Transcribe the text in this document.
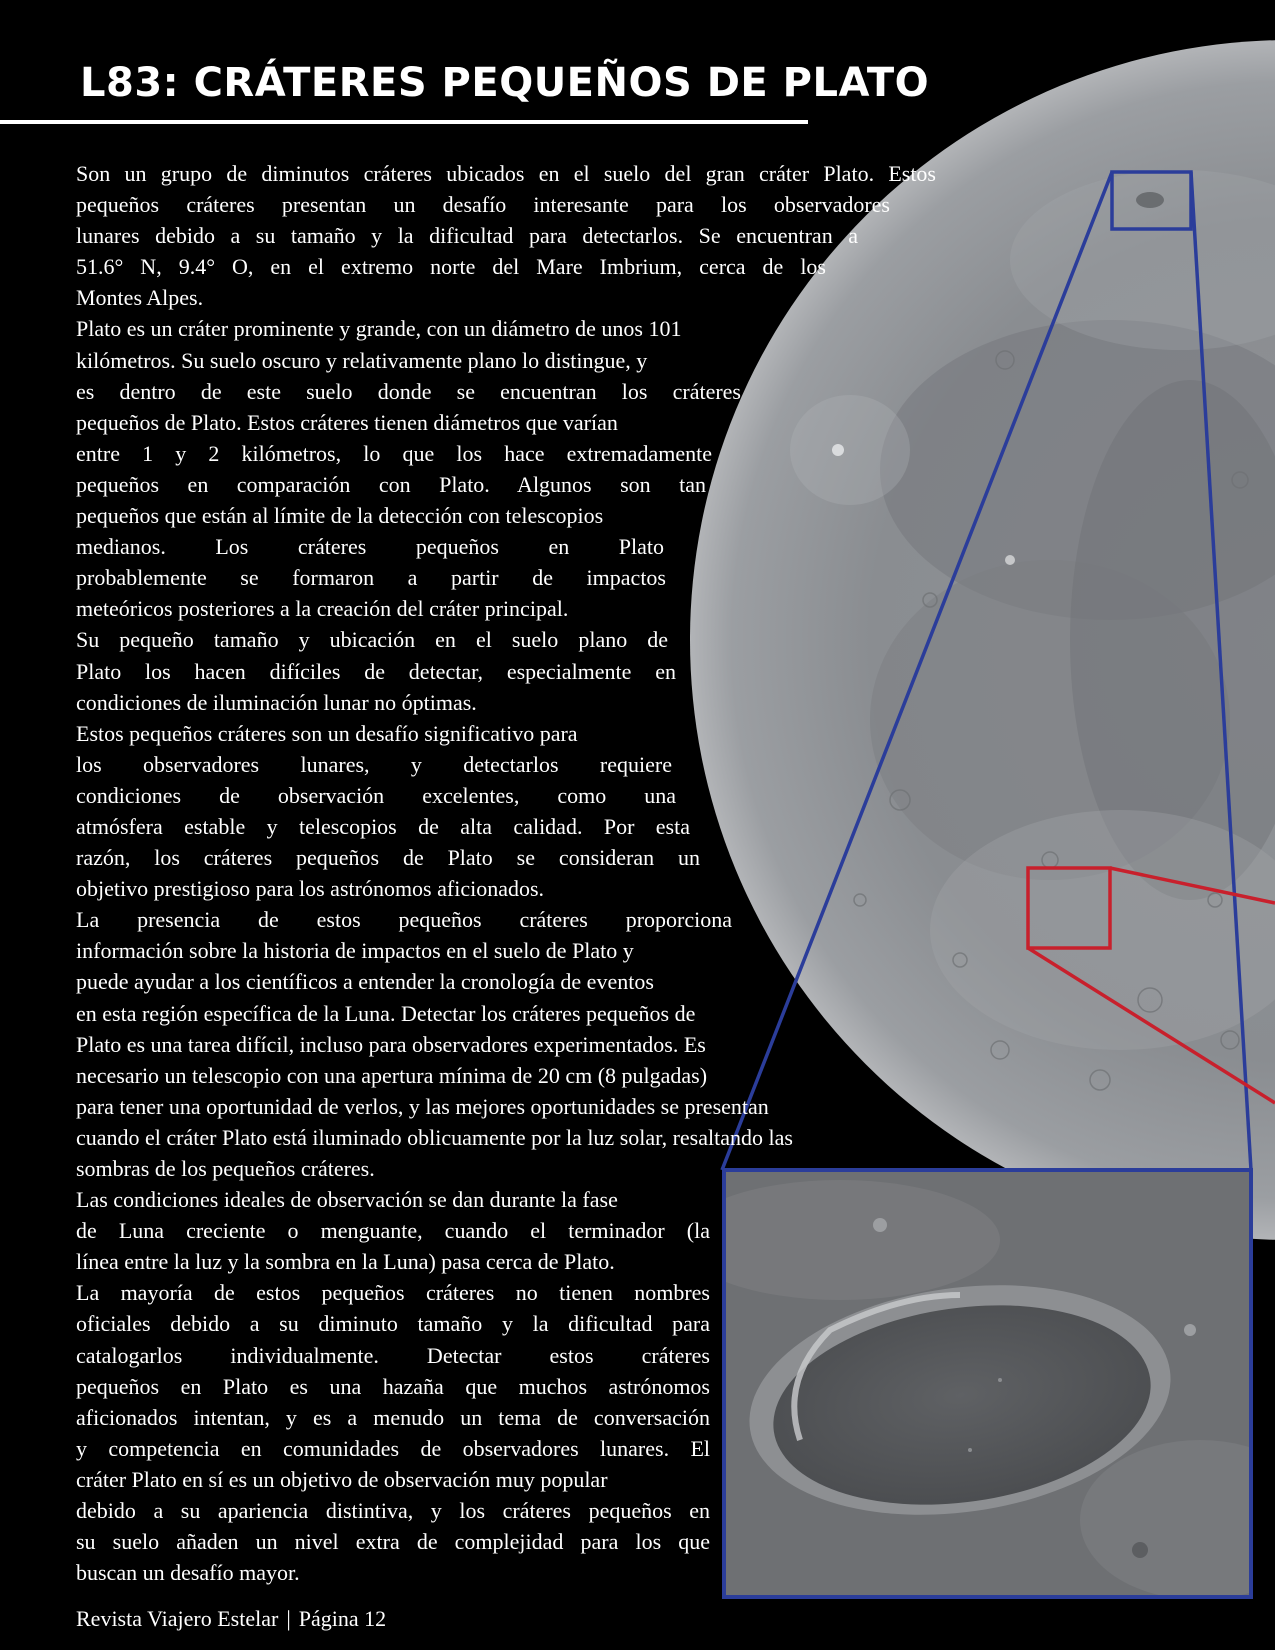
L83: CRÁTERES PEQUEÑOS DE PLATO
Son un grupo de diminutos cráteres ubicados en el suelo del gran cráter Plato. Estos
pequeños cráteres presentan un desafío interesante para los observadores
lunares debido a su tamaño y la dificultad para detectarlos. Se encuentran a
51.6° N, 9.4° O, en el extremo norte del Mare Imbrium, cerca de los
Montes Alpes.
Plato es un cráter prominente y grande, con un diámetro de unos 101
kilómetros. Su suelo oscuro y relativamente plano lo distingue, y
es dentro de este suelo donde se encuentran los cráteres
pequeños de Plato. Estos cráteres tienen diámetros que varían
entre 1 y 2 kilómetros, lo que los hace extremadamente
pequeños en comparación con Plato. Algunos son tan
pequeños que están al límite de la detección con telescopios
medianos. Los cráteres pequeños en Plato
probablemente se formaron a partir de impactos
meteóricos posteriores a la creación del cráter principal.
Su pequeño tamaño y ubicación en el suelo plano de
Plato los hacen difíciles de detectar, especialmente en
condiciones de iluminación lunar no óptimas.
Estos pequeños cráteres son un desafío significativo para
los observadores lunares, y detectarlos requiere
condiciones de observación excelentes, como una
atmósfera estable y telescopios de alta calidad. Por esta
razón, los cráteres pequeños de Plato se consideran un
objetivo prestigioso para los astrónomos aficionados.
La presencia de estos pequeños cráteres proporciona
información sobre la historia de impactos en el suelo de Plato y
puede ayudar a los científicos a entender la cronología de eventos
en esta región específica de la Luna. Detectar los cráteres pequeños de
Plato es una tarea difícil, incluso para observadores experimentados. Es
necesario un telescopio con una apertura mínima de 20 cm (8 pulgadas)
para tener una oportunidad de verlos, y las mejores oportunidades se presentan
cuando el cráter Plato está iluminado oblicuamente por la luz solar, resaltando las
sombras de los pequeños cráteres.
Las condiciones ideales de observación se dan durante la fase
de Luna creciente o menguante, cuando el terminador (la
línea entre la luz y la sombra en la Luna) pasa cerca de Plato.
La mayoría de estos pequeños cráteres no tienen nombres
oficiales debido a su diminuto tamaño y la dificultad para
catalogarlos individualmente. Detectar estos cráteres
pequeños en Plato es una hazaña que muchos astrónomos
aficionados intentan, y es a menudo un tema de conversación
y competencia en comunidades de observadores lunares. El
cráter Plato en sí es un objetivo de observación muy popular
debido a su apariencia distintiva, y los cráteres pequeños en
su suelo añaden un nivel extra de complejidad para los que
buscan un desafío mayor.
Revista Viajero Estelar | Página 12
